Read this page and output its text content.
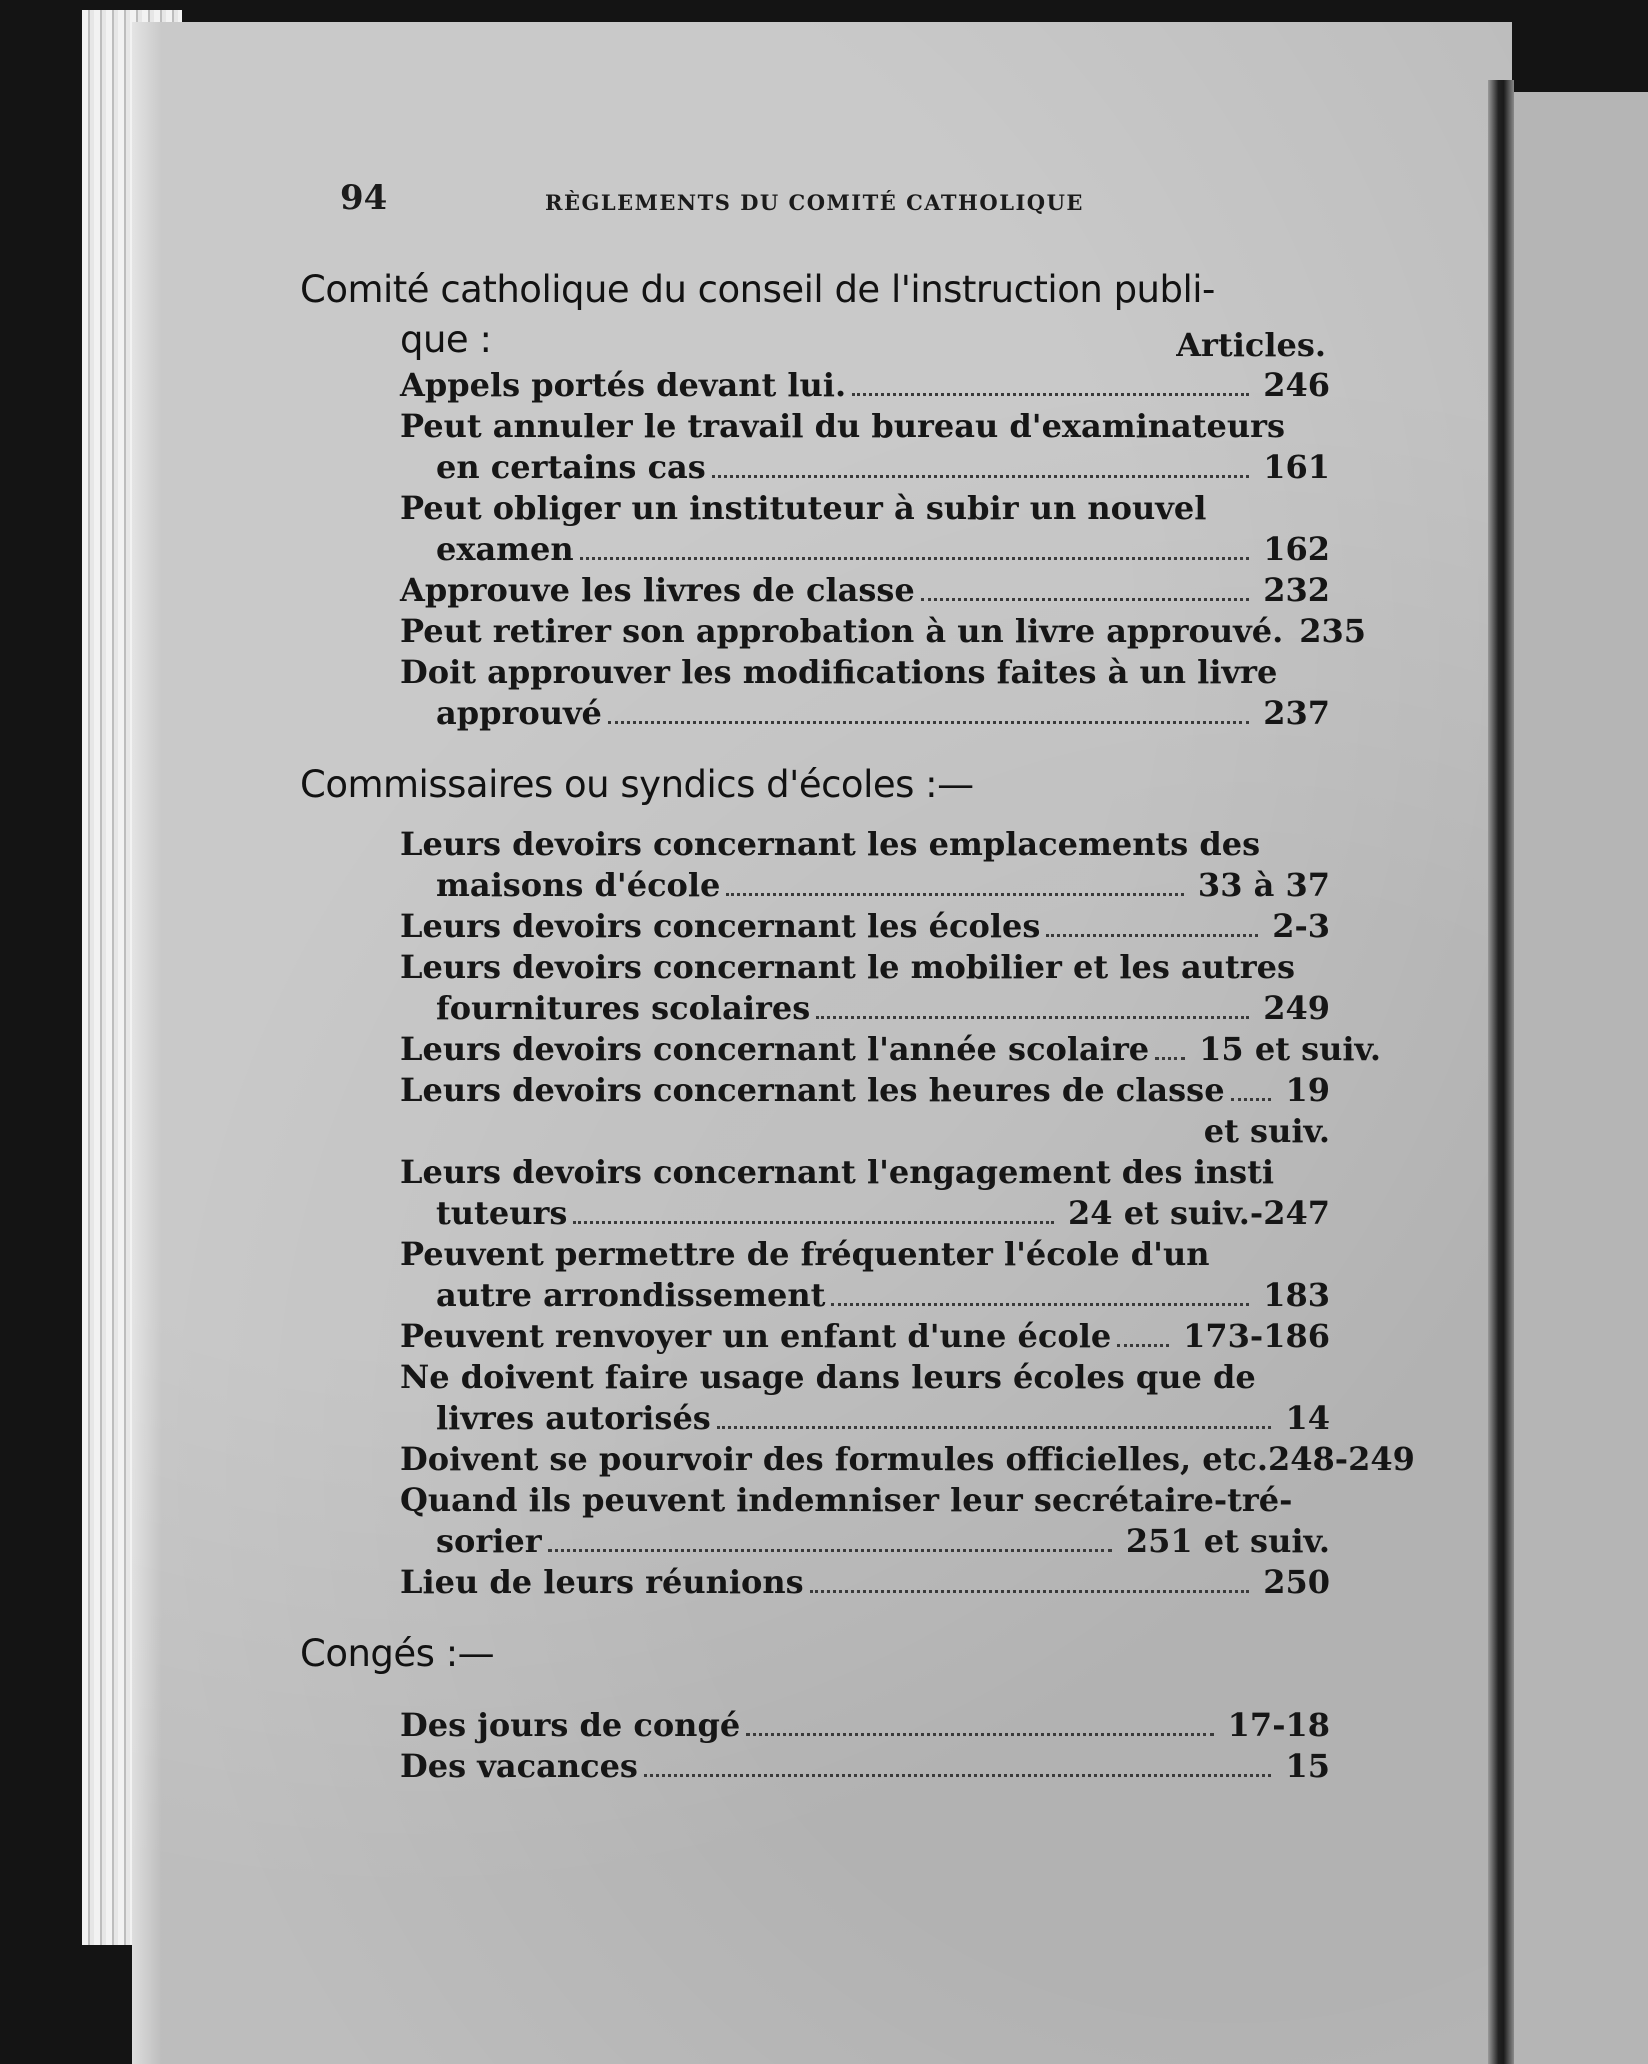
94	RÈGLEMENTS DU COMITÉ CATHOLIQUE
Comité catholique du conseil de l'instruction publi-
que :	Articles.
Appels portés devant lui.	246
Peut annuler le travail du bureau d'examinateurs
en certains cas	161
Peut obliger un instituteur à subir un nouvel
examen	162
Approuve les livres de classe	232
Peut retirer son approbation à un livre approuvé. 235
Doit approuver les modifications faites à un livre
approuvé	237
Commissaires ou syndics d'écoles :—
Leurs devoirs concernant les emplacements des
maisons d'école	33 à 37
Leurs devoirs concernant les écoles	2-3
Leurs devoirs concernant le mobilier et les autres
fournitures scolaires	249
Leurs devoirs concernant l'année scolaire 15 et suiv.
Leurs devoirs concernant les heures de classe 19
et suiv.
Leurs devoirs concernant l'engagement des insti
tuteurs	24 et suiv.-247
Peuvent permettre de fréquenter l'école d'un
autre arrondissement	183
Peuvent renvoyer un enfant d'une école 173-186
Ne doivent faire usage dans leurs écoles que de
livres autorisés	14
Doivent se pourvoir des formules officielles, etc. 248-249
Quand ils peuvent indemniser leur secrétaire-tré-
sorier	251 et suiv.
Lieu de leurs réunions	250
Congés :—
Des jours de congé	17-18
Des vacances	15
